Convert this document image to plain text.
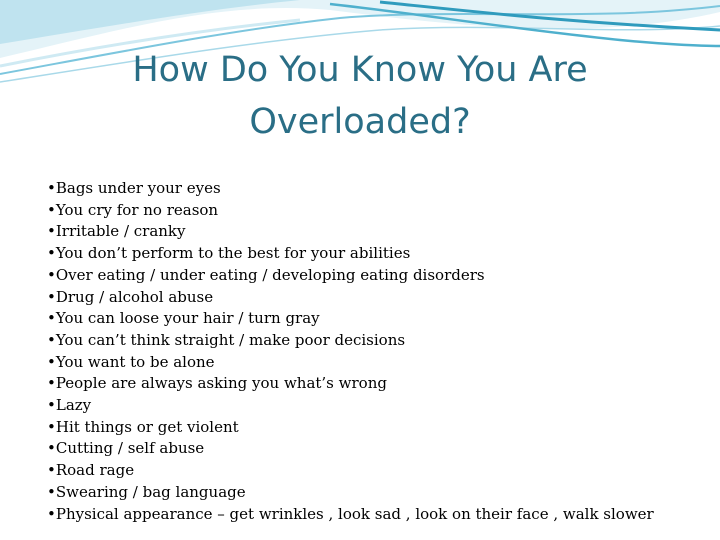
How Do You Know You Are
Overloaded?
•Bags under your eyes
•You cry for no reason
•Irritable / cranky
•You don’t perform to the best for your abilities
•Over eating / under eating / developing eating disorders
•Drug / alcohol abuse
•You can loose your hair / turn gray
•You can’t think straight / make poor decisions
•You want to be alone
•People are always asking you what’s wrong
•Lazy
•Hit things or get violent
•Cutting / self abuse
•Road rage
•Swearing / bag language
•Physical appearance – get wrinkles , look sad , look on their face , walk slower
